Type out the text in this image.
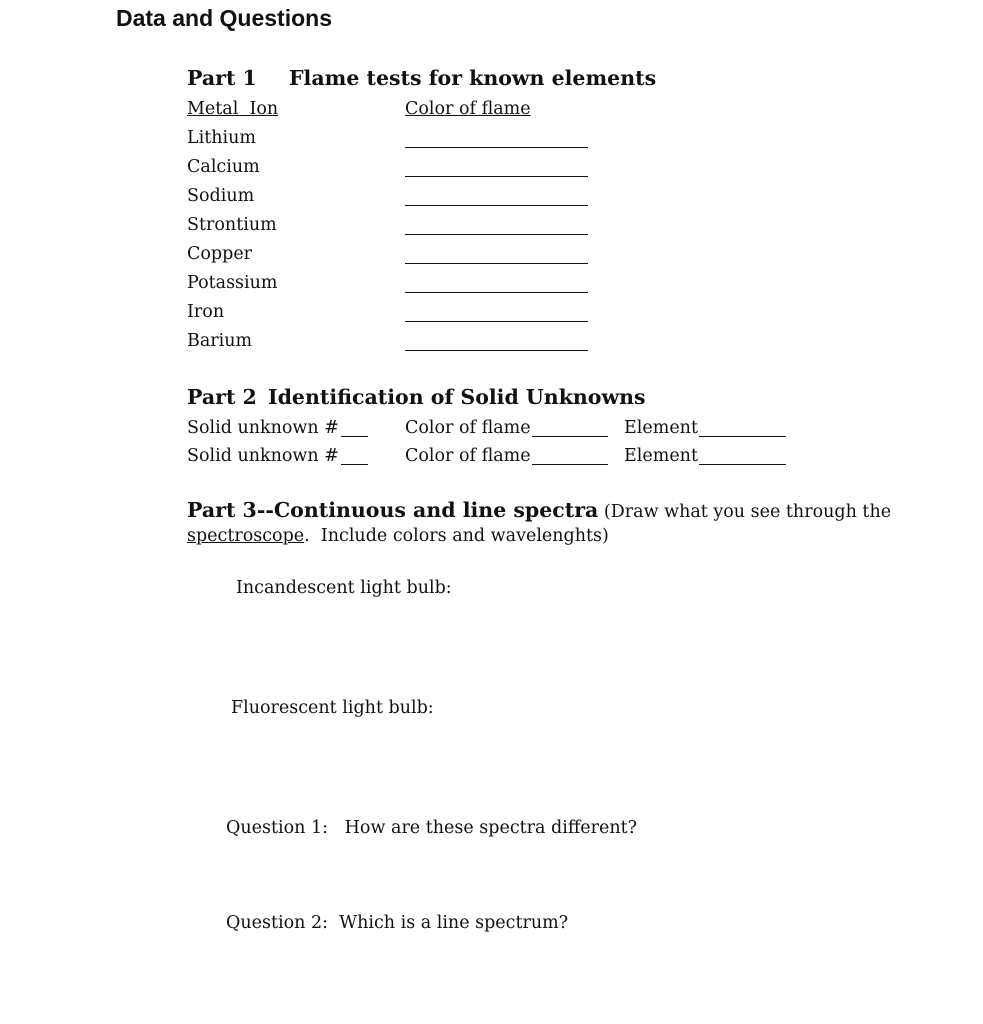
Data and Questions
Part 1 Flame tests for known elements
Metal  Ion	Color of flame
Lithium
Calcium
Sodium
Strontium
Copper
Potassium
Iron
Barium
Part 2 Identification of Solid Unknowns
Solid unknown #	Color of flame	Element
Solid unknown #	Color of flame	Element
Part 3--Continuous and line spectra (Draw what you see through the
spectroscope.  Include colors and wavelenghts)
Incandescent light bulb:
Fluorescent light bulb:
Question 1:   How are these spectra different?
Question 2:  Which is a line spectrum?
